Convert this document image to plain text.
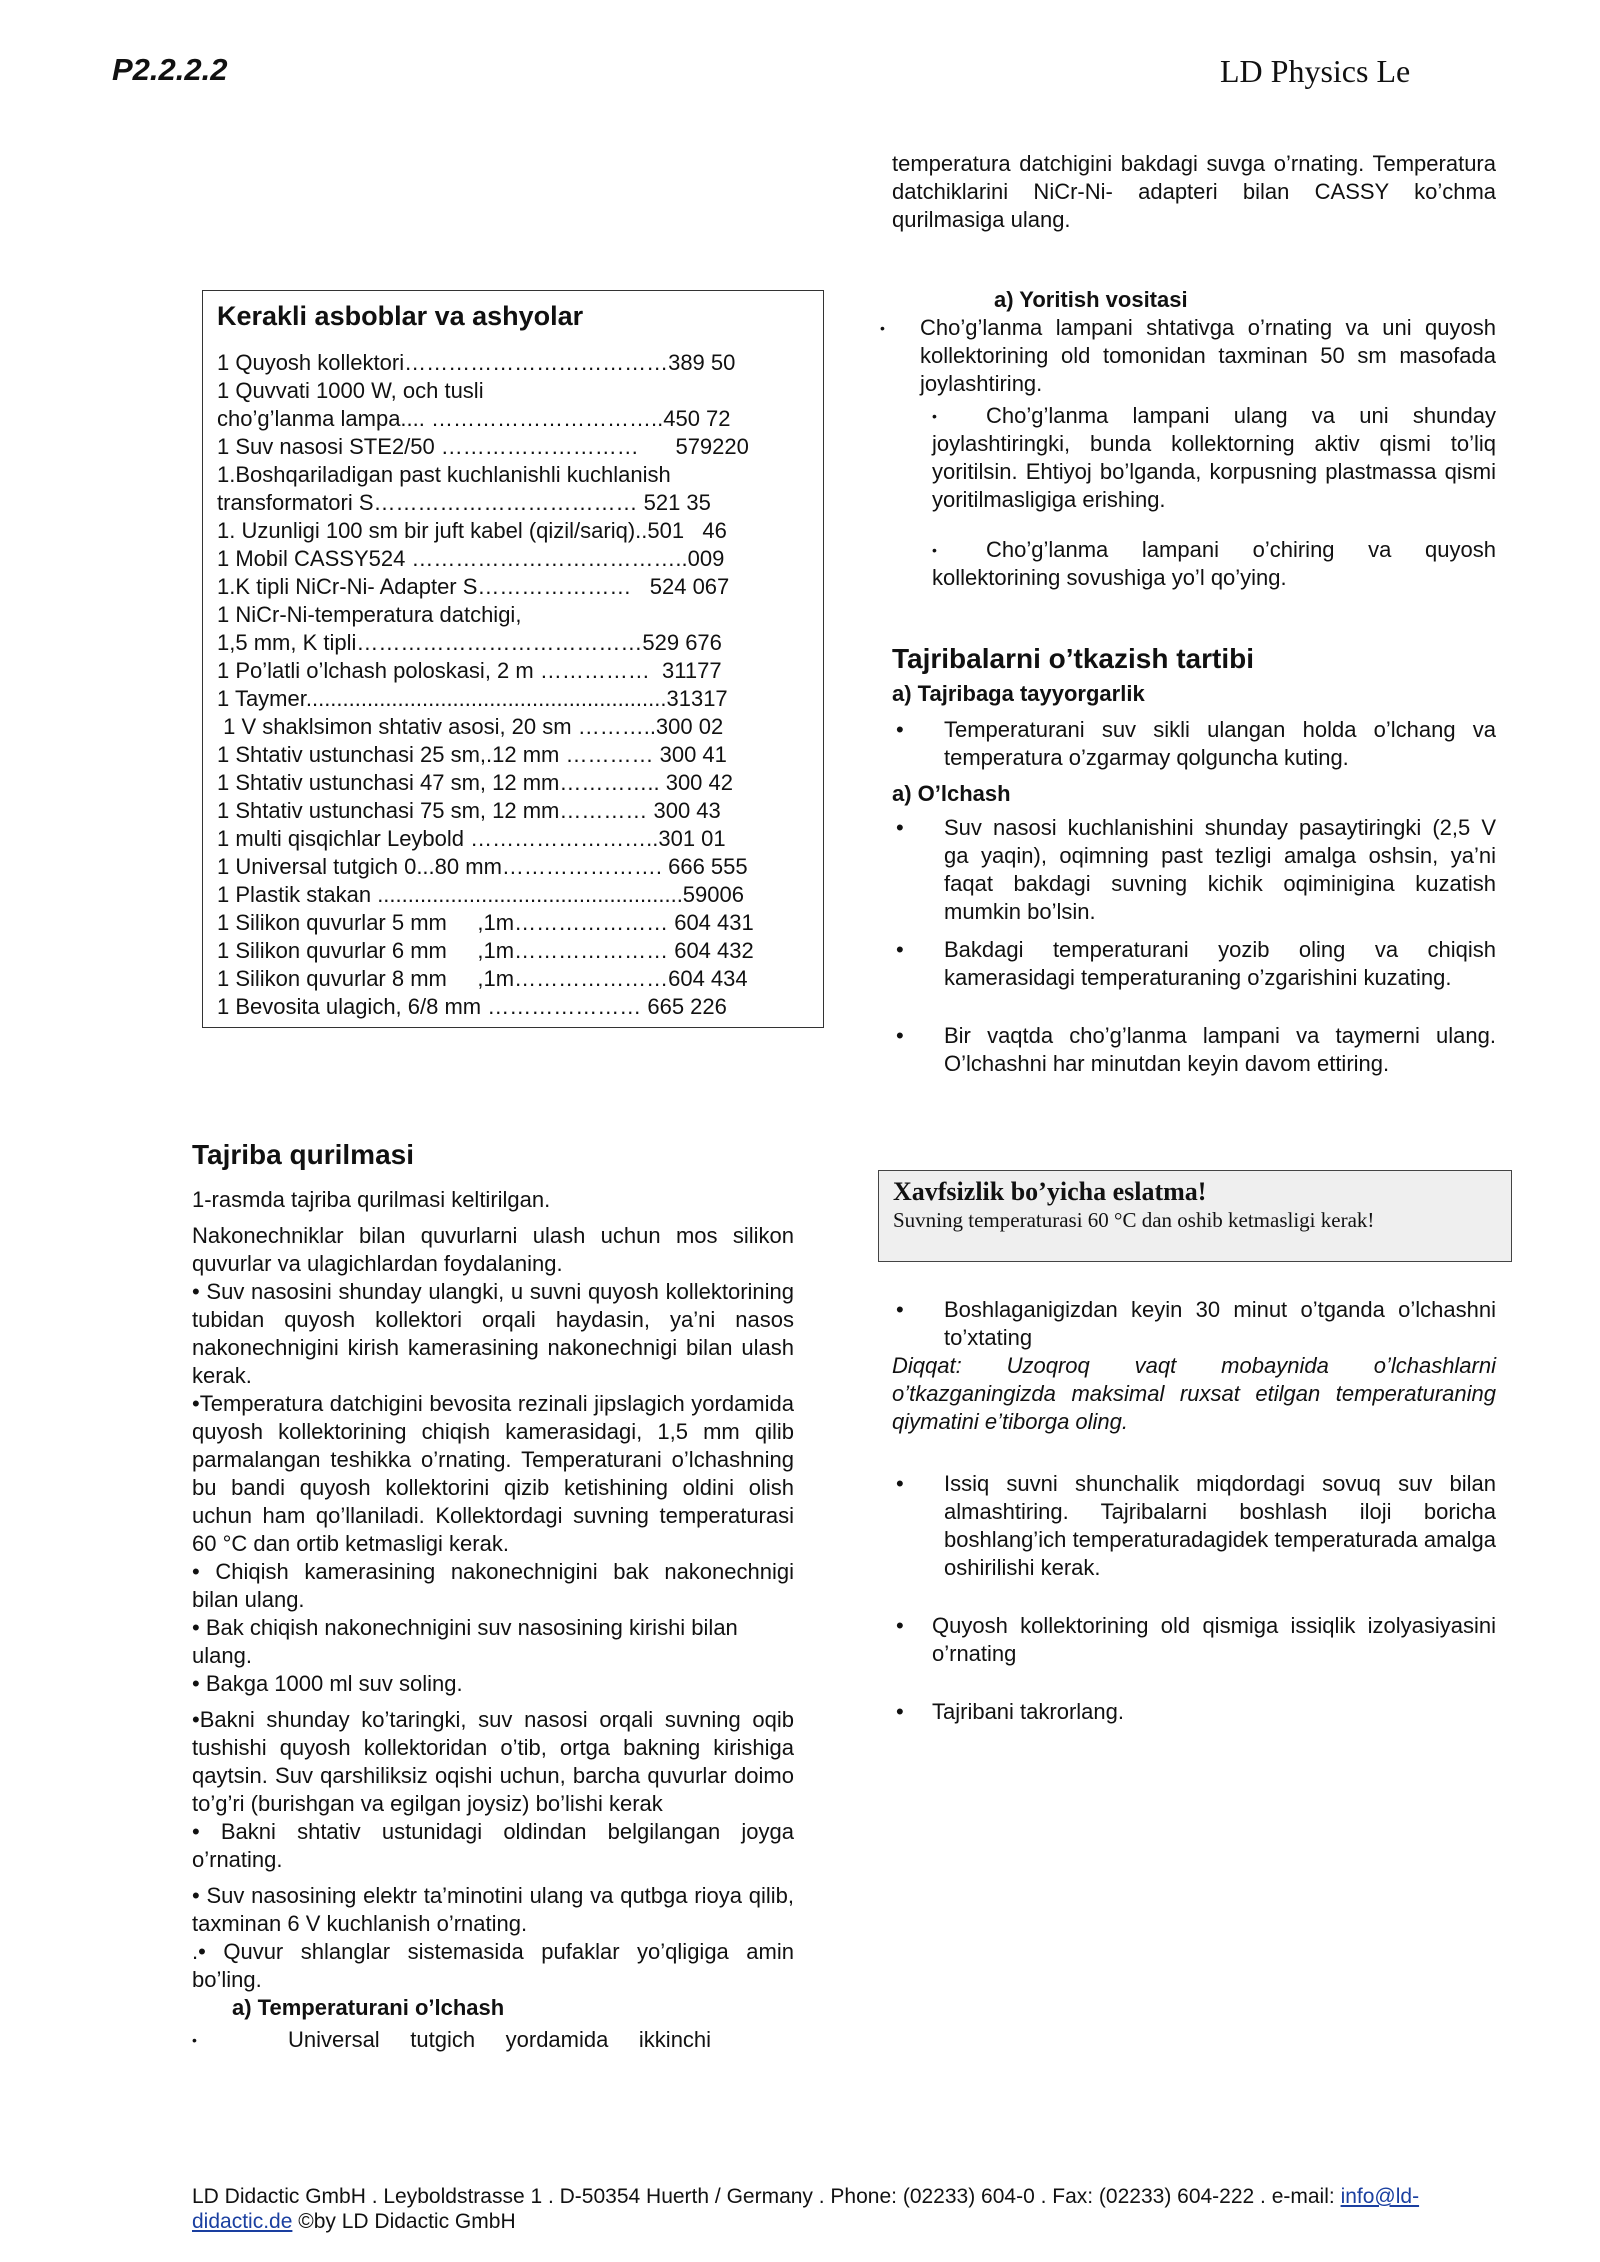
P2.2.2.2	LD Physics Le
Kerakli asboblar va ashyolar
1 Quyosh kollektori………………………………389 50
1 Quvvati 1000 W, och tusli
cho’g’lanma lampa.... …………………………..450 72
1 Suv nasosi STE2/50 ………………………      579220
1.Boshqariladigan past kuchlanishli kuchlanish
transformatori S……………………………… 521 35
1. Uzunligi 100 sm bir juft kabel (qizil/sariq)..501   46
1 Mobil CASSY524 ………………………………..009
1.K tipli NiCr-Ni- Adapter S…………………   524 067
1 NiCr-Ni-temperatura datchigi,
1,5 mm, K tipli…………………………………529 676
1 Po’latli o’lchash poloskasi, 2 m ……………  31177
1 Taymer...........................................................31317
1 V shaklsimon shtativ asosi, 20 sm ………..300 02
1 Shtativ ustunchasi 25 sm,.12 mm ………… 300 41
1 Shtativ ustunchasi 47 sm, 12 mm………….. 300 42
1 Shtativ ustunchasi 75 sm, 12 mm………… 300 43
1 multi qisqichlar Leybold ……………………..301 01
1 Universal tutgich 0...80 mm…………………. 666 555
1 Plastik stakan ..................................................59006
1 Silikon quvurlar 5 mm     ,1m………………… 604 431
1 Silikon quvurlar 6 mm     ,1m………………… 604 432
1 Silikon quvurlar 8 mm     ,1m…………………604 434
1 Bevosita ulagich, 6/8 mm ………………… 665 226
Tajriba qurilmasi

1-rasmda tajriba qurilmasi keltirilgan.

Nakonechniklar bilan quvurlarni ulash uchun mos silikon quvurlar va ulagichlardan foydalaning.

• Suv nasosini shunday ulangki, u suvni quyosh kollektorining tubidan quyosh kollektori orqali haydasin, ya’ni nasos nakonechnigini kirish kamerasining nakonechnigi bilan ulash kerak.

•Temperatura datchigini bevosita rezinali jipslagich yordamida quyosh kollektorining chiqish kamerasidagi, 1,5 mm qilib parmalangan teshikka o’rnating. Temperaturani o’lchashning bu bandi quyosh kollektorini qizib ketishining oldini olish uchun ham qo’llaniladi. Kollektordagi suvning temperaturasi 60 °C dan ortib ketmasligi kerak.

• Chiqish kamerasining nakonechnigini bak nakonechnigi bilan ulang.

• Bak chiqish nakonechnigini suv nasosining kirishi bilan ulang.

• Bakga 1000 ml suv soling.

•Bakni shunday ko’taringki, suv nasosi orqali suvning oqib tushishi quyosh kollektoridan o’tib, ortga bakning kirishiga qaytsin. Suv qarshiliksiz oqishi uchun, barcha quvurlar doimo to’g’ri (burishgan va egilgan joysiz) bo’lishi kerak

• Bakni shtativ ustunidagi oldindan belgilangan joyga o’rnating.

• Suv nasosining elektr ta’minotini ulang va qutbga rioya qilib, taxminan 6 V kuchlanish o’rnating.

.• Quvur shlanglar sistemasida pufaklar yo’qligiga amin bo’ling.

a) Temperaturani o’lchash

•	Universal     tutgich     yordamida     ikkinchi

temperatura datchigini bakdagi suvga o’rnating. Temperatura datchiklarini NiCr-Ni- adapteri bilan CASSY ko’chma qurilmasiga ulang.

a) Yoritish vositasi

• Cho’g’lanma lampani shtativga o’rnating va uni quyosh kollektorining old tomonidan taxminan 50 sm masofada joylashtiring.

• Cho’g’lanma lampani ulang va uni shunday joylashtiringki, bunda kollektorning aktiv qismi to’liq yoritilsin. Ehtiyoj bo’lganda, korpusning plastmassa qismi yoritilmasligiga erishing.
• Cho’g’lanma lampani o’chiring va quyosh kollektorining sovushiga yo’l qo’ying.
Tajribalarni o’tkazish tartibi

a) Tajribaga tayyorgarlik

• Temperaturani suv sikli ulangan holda o’lchang va temperatura o’zgarmay qolguncha kuting.

a) O’lchash

• Suv nasosi kuchlanishini shunday pasaytiringki (2,5 V ga yaqin), oqimning past tezligi amalga oshsin, ya’ni faqat bakdagi suvning kichik oqiminigina kuzatish mumkin bo’lsin.
• Bakdagi temperaturani yozib oling va chiqish kamerasidagi temperaturaning o’zgarishini kuzating.
• Bir vaqtda cho’g’lanma lampani va taymerni ulang. O’lchashni har minutdan keyin davom ettiring.
Xavfsizlik bo’yicha eslatma!
Suvning temperaturasi 60 °C dan oshib ketmasligi kerak!
• Boshlaganigizdan keyin 30 minut o’tganda o’lchashni to’xtating

Diqqat: Uzoqroq vaqt mobaynida o’lchashlarni o’tkazganingizda maksimal ruxsat etilgan temperaturaning qiymatini e’tiborga oling.

• Issiq suvni shunchalik miqdordagi sovuq suv bilan almashtiring. Tajribalarni boshlash iloji boricha boshlang’ich temperaturadagidek temperaturada amalga oshirilishi kerak.
• Quyosh kollektorining old qismiga issiqlik izolyasiyasini o’rnating
• Tajribani takrorlang.
LD Didactic GmbH . Leyboldstrasse 1 . D-50354 Huerth / Germany . Phone: (02233) 604-0 . Fax: (02233) 604-222 . e-mail: info@ld-didactic.de ©by LD Didactic GmbH
